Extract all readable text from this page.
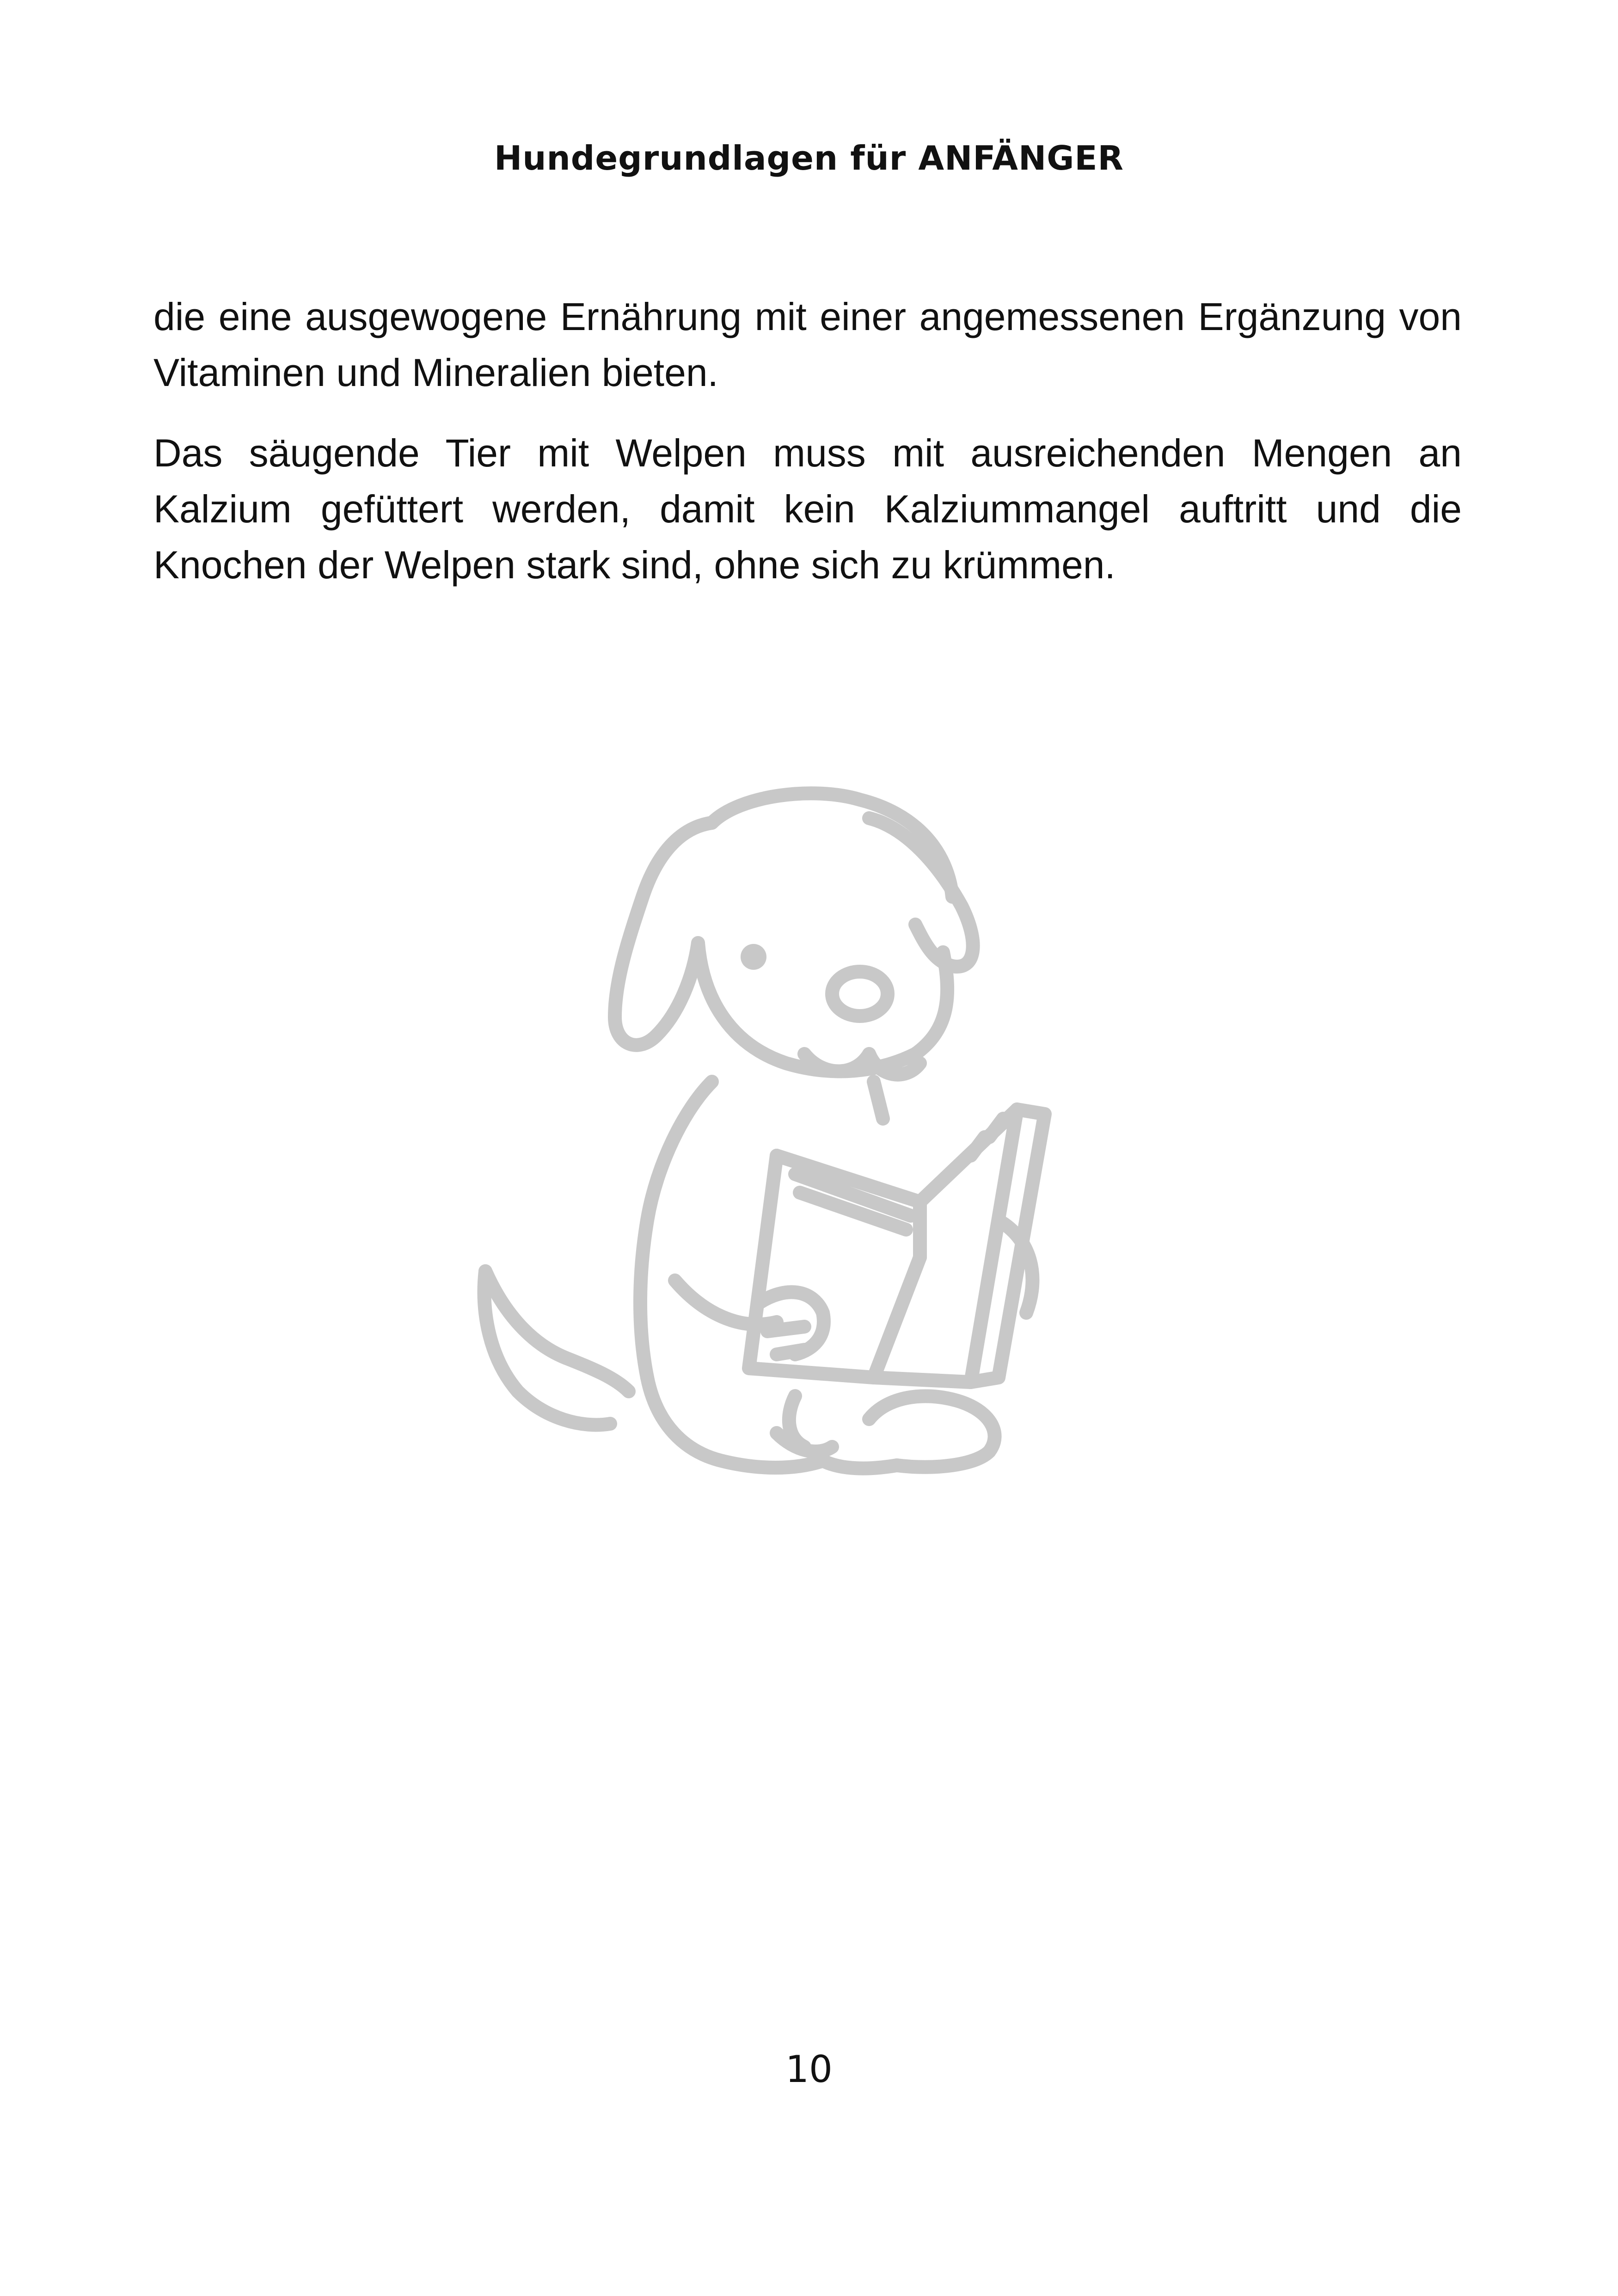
Hundegrundlagen für ANFÄNGER

die eine ausgewogene Ernährung mit einer angemessenen Ergänzung von Vitaminen und Mineralien bieten.

Das säugende Tier mit Welpen muss mit ausreichenden Mengen an Kalzium gefüttert werden, damit kein Kalziummangel auftritt und die Knochen der Welpen stark sind, ohne sich zu krümmen.

10
